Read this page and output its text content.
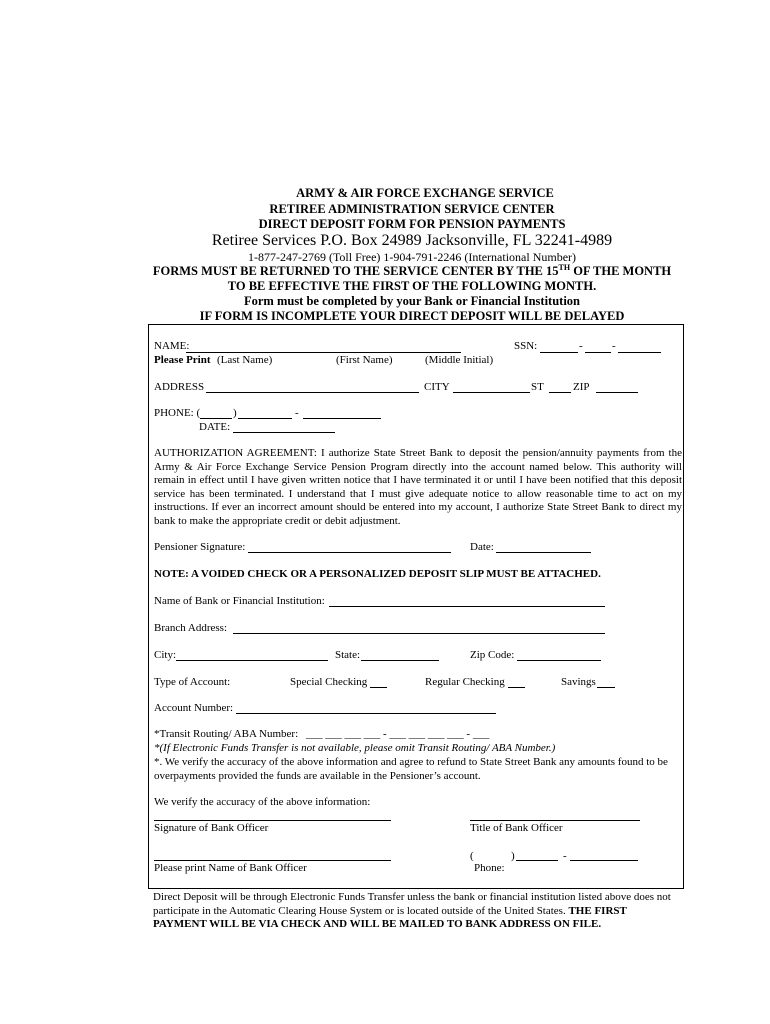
ARMY & AIR FORCE EXCHANGE SERVICE
RETIREE ADMINISTRATION SERVICE CENTER
DIRECT DEPOSIT FORM FOR PENSION PAYMENTS
Retiree Services P.O. Box 24989 Jacksonville, FL 32241-4989
1-877-247-2769 (Toll Free) 1-904-791-2246 (International Number)
FORMS MUST BE RETURNED TO THE SERVICE CENTER BY THE 15TH OF THE MONTH
TO BE EFFECTIVE THE FIRST OF THE FOLLOWING MONTH.
Form must be completed by your Bank or Financial Institution
IF FORM IS INCOMPLETE YOUR DIRECT DEPOSIT WILL BE DELAYED
NAME:	SSN:	-	-
Please Print (Last Name)	(First Name)	(Middle Initial)
ADDRESS	CITY	ST	ZIP
PHONE: (	)	-
DATE:
AUTHORIZATION AGREEMENT: I authorize State Street Bank to deposit the pension/annuity payments from the Army & Air Force Exchange Service Pension Program directly into the account named below. This authority will remain in effect until I have given written notice that I have terminated it or until I have been notified that this deposit service has been terminated. I understand that I must give adequate notice to allow reasonable time to act on my instructions. If ever an incorrect amount should be entered into my account, I authorize State Street Bank to direct my bank to make the appropriate credit or debit adjustment.
Pensioner Signature:	Date:
NOTE: A VOIDED CHECK OR A PERSONALIZED DEPOSIT SLIP MUST BE ATTACHED.
Name of Bank or Financial Institution:
Branch Address:
City:	State:	Zip Code:
Type of Account:	Special Checking	Regular Checking	Savings
Account Number:
*Transit Routing/ ABA Number: ___ ___ ___ ___ - ___ ___ ___ ___ - ___
*(If Electronic Funds Transfer is not available, please omit Transit Routing/ ABA Number.)
*. We verify the accuracy of the above information and agree to refund to State Street Bank any amounts found to be overpayments provided the funds are available in the Pensioner’s account.
We verify the accuracy of the above information:
Signature of Bank Officer	Title of Bank Officer
(	)	-
Please print Name of Bank Officer	Phone:
Direct Deposit will be through Electronic Funds Transfer unless the bank or financial institution listed above does not participate in the Automatic Clearing House System or is located outside of the United States. THE FIRST PAYMENT WILL BE VIA CHECK AND WILL BE MAILED TO BANK ADDRESS ON FILE.
